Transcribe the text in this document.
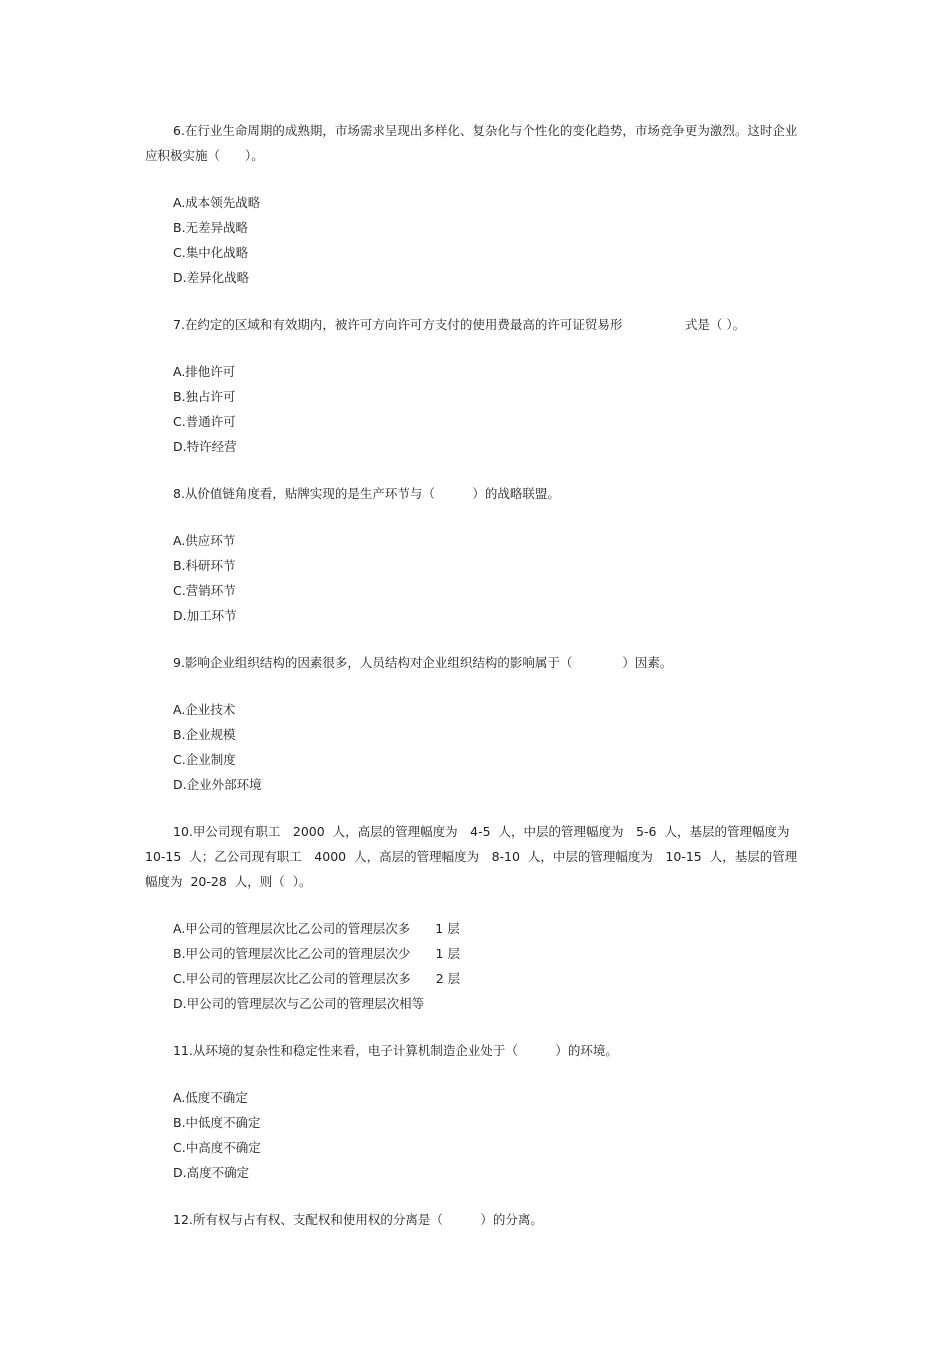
6.在行业生命周期的成熟期，市场需求呈现出多样化、复杂化与个性化的变化趋势，市场竞争更为激烈。这时企业应积极实施（　　）。

A.成本领先战略

B.无差异战略

C.集中化战略

D.差异化战略

7.在约定的区域和有效期内，被许可方向许可方支付的使用费最高的许可证贸易形　　　　　式是（ ）。

A.排他许可

B.独占许可

C.普通许可

D.特许经营

8.从价值链角度看，贴牌实现的是生产环节与（　　　）的战略联盟。

A.供应环节

B.科研环节

C.营销环节

D.加工环节

9.影响企业组织结构的因素很多，人员结构对企业组织结构的影响属于（　　　　）因素。

A.企业技术

B.企业规模

C.企业制度

D.企业外部环境

10.甲公司现有职工　2000 人，高层的管理幅度为　4-5 人，中层的管理幅度为　5-6 人，基层的管理幅度为 10-15 人；乙公司现有职工　4000 人，高层的管理幅度为　8-10 人，中层的管理幅度为　10-15 人，基层的管理幅度为 20-28 人，则（ ）。

A.甲公司的管理层次比乙公司的管理层次多　　1 层

B.甲公司的管理层次比乙公司的管理层次少　　1 层

C.甲公司的管理层次比乙公司的管理层次多　　2 层

D.甲公司的管理层次与乙公司的管理层次相等

11.从环境的复杂性和稳定性来看，电子计算机制造企业处于（　　　）的环境。

A.低度不确定

B.中低度不确定

C.中高度不确定

D.高度不确定

12.所有权与占有权、支配权和使用权的分离是（　　　）的分离。
